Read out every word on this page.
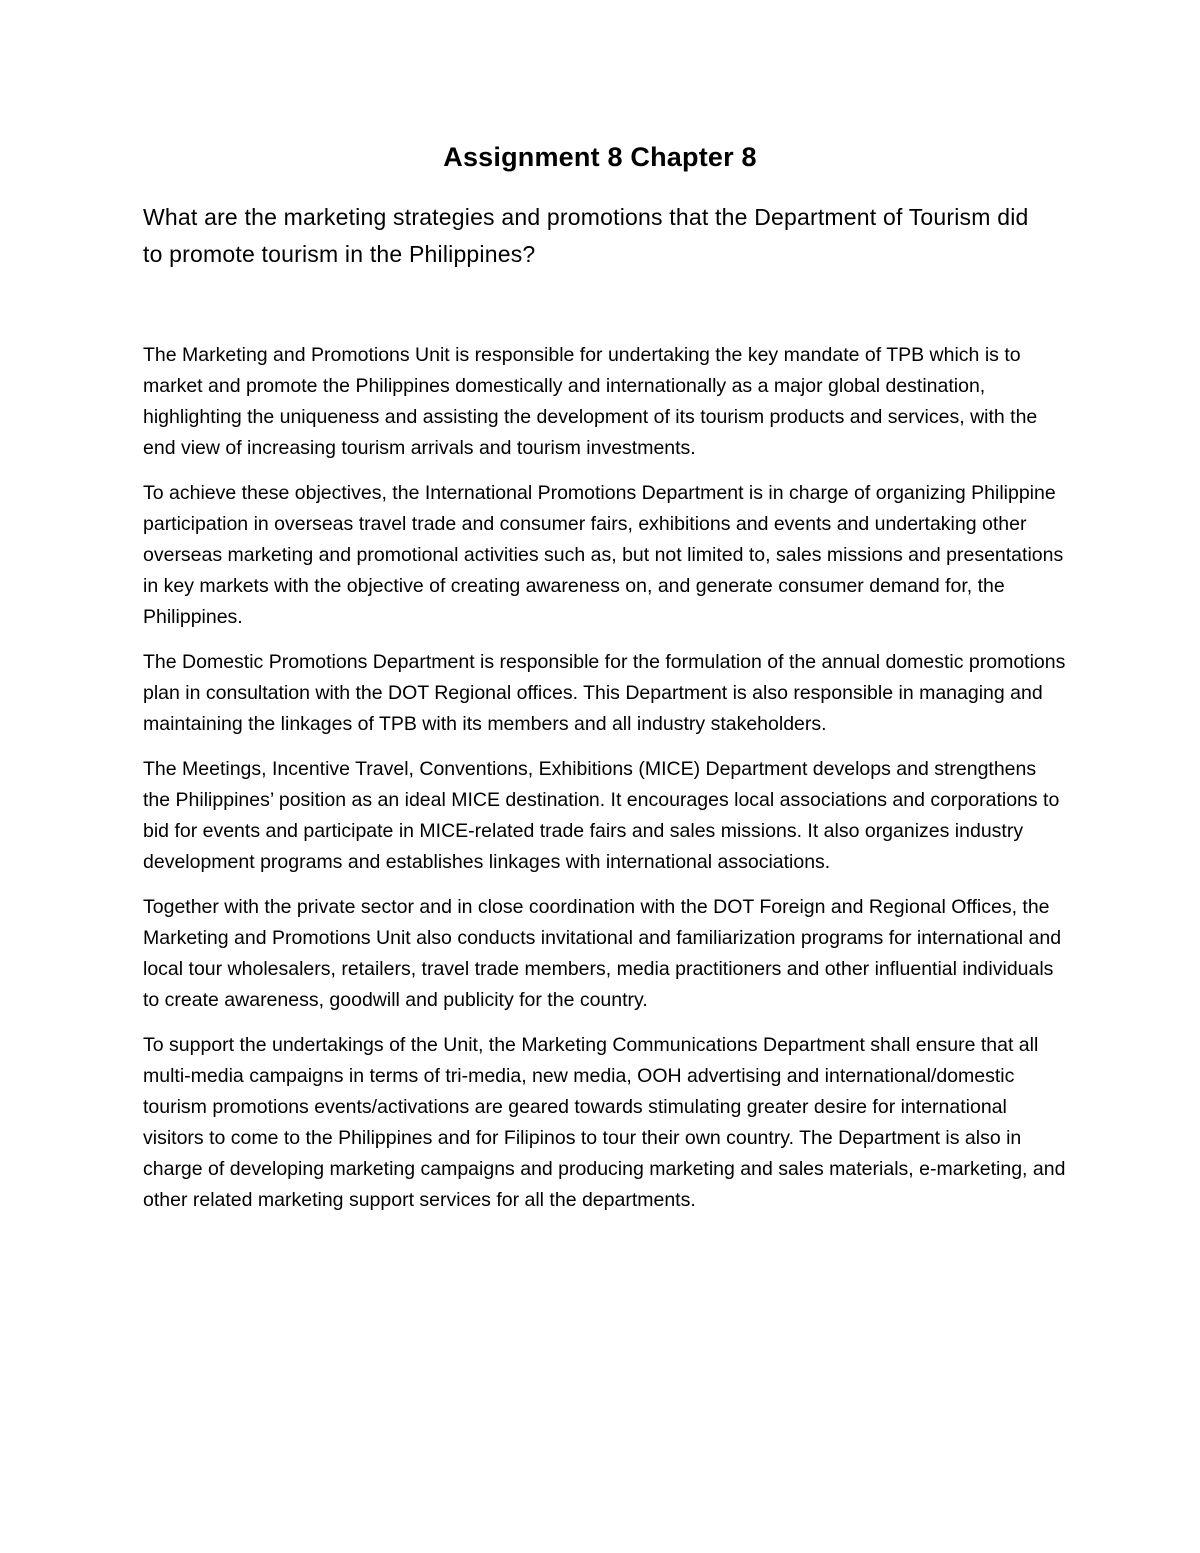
Assignment 8 Chapter 8
What are the marketing strategies and promotions that the Department of Tourism did to promote tourism in the Philippines?

The Marketing and Promotions Unit is responsible for undertaking the key mandate of TPB which is to market and promote the Philippines domestically and internationally as a major global destination, highlighting the uniqueness and assisting the development of its tourism products and services, with the end view of increasing tourism arrivals and tourism investments.

To achieve these objectives, the International Promotions Department is in charge of organizing Philippine participation in overseas travel trade and consumer fairs, exhibitions and events and undertaking other overseas marketing and promotional activities such as, but not limited to, sales missions and presentations in key markets with the objective of creating awareness on, and generate consumer demand for, the Philippines.

The Domestic Promotions Department is responsible for the formulation of the annual domestic promotions plan in consultation with the DOT Regional offices. This Department is also responsible in managing and maintaining the linkages of TPB with its members and all industry stakeholders.

The Meetings, Incentive Travel, Conventions, Exhibitions (MICE) Department develops and strengthens the Philippines’ position as an ideal MICE destination. It encourages local associations and corporations to bid for events and participate in MICE-related trade fairs and sales missions. It also organizes industry development programs and establishes linkages with international associations.

Together with the private sector and in close coordination with the DOT Foreign and Regional Offices, the Marketing and Promotions Unit also conducts invitational and familiarization programs for international and local tour wholesalers, retailers, travel trade members, media practitioners and other influential individuals to create awareness, goodwill and publicity for the country.

To support the undertakings of the Unit, the Marketing Communications Department shall ensure that all multi-media campaigns in terms of tri-media, new media, OOH advertising and international/domestic tourism promotions events/activations are geared towards stimulating greater desire for international visitors to come to the Philippines and for Filipinos to tour their own country. The Department is also in charge of developing marketing campaigns and producing marketing and sales materials, e-marketing, and other related marketing support services for all the departments.
